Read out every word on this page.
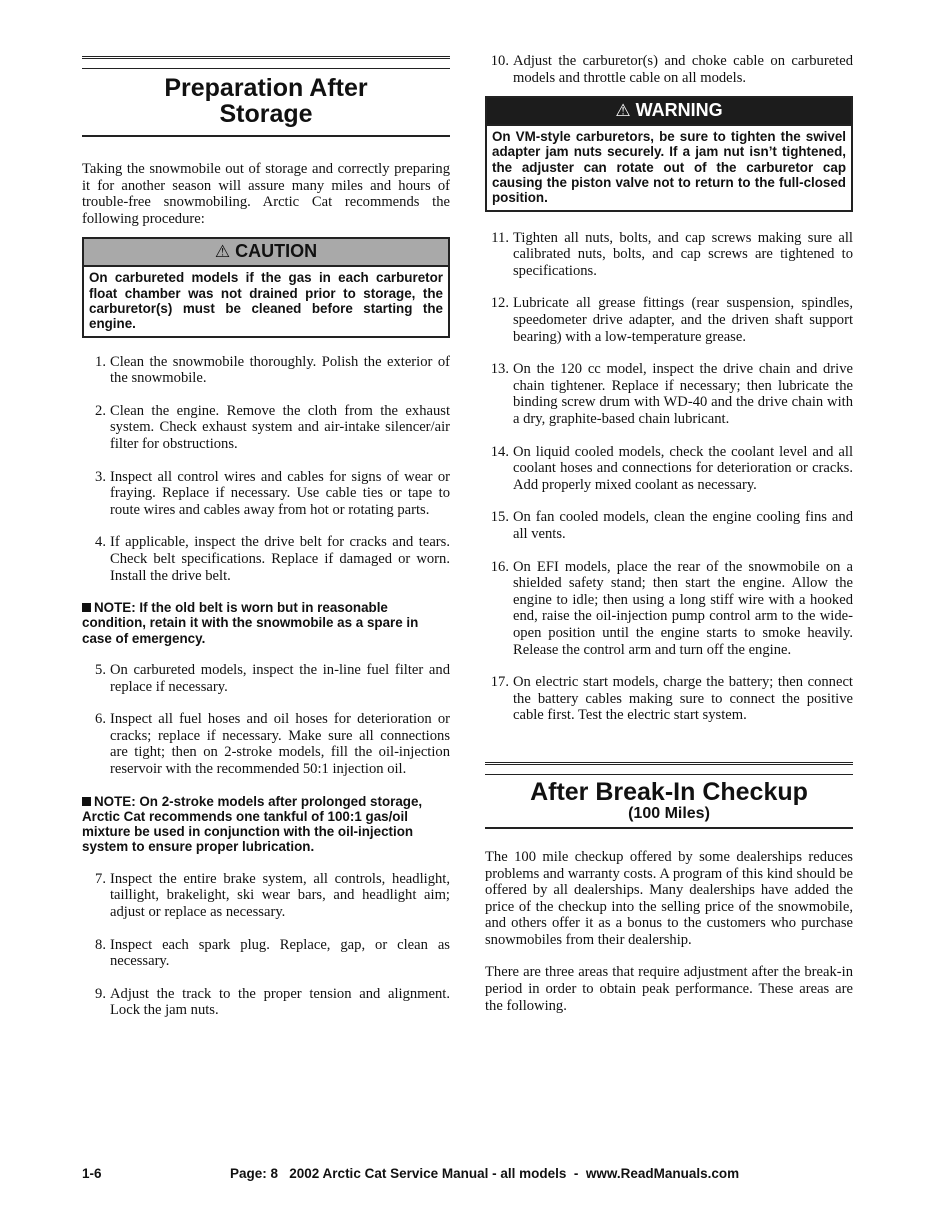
Preparation After
Storage

Taking the snowmobile out of storage and correctly preparing it for another season will assure many miles and hours of trouble-free snowmobiling. Arctic Cat recommends the following procedure:

⚠ CAUTION
On carbureted models if the gas in each carburetor float chamber was not drained prior to storage, the carburetor(s) must be cleaned before starting the engine.
1. Clean the snowmobile thoroughly. Polish the exterior of the snowmobile.
2. Clean the engine. Remove the cloth from the exhaust system. Check exhaust system and air-intake silencer/air filter for obstructions.
3. Inspect all control wires and cables for signs of wear or fraying. Replace if necessary. Use cable ties or tape to route wires and cables away from hot or rotating parts.
4. If applicable, inspect the drive belt for cracks and tears. Check belt specifications. Replace if damaged or worn. Install the drive belt.
NOTE: If the old belt is worn but in reasonable condition, retain it with the snowmobile as a spare in case of emergency.
5. On carbureted models, inspect the in-line fuel filter and replace if necessary.
6. Inspect all fuel hoses and oil hoses for deterioration or cracks; replace if necessary. Make sure all connections are tight; then on 2-stroke models, fill the oil-injection reservoir with the recommended 50:1 injection oil.
NOTE: On 2-stroke models after prolonged storage, Arctic Cat recommends one tankful of 100:1 gas/oil mixture be used in conjunction with the oil-injection system to ensure proper lubrication.
7. Inspect the entire brake system, all controls, headlight, taillight, brakelight, ski wear bars, and headlight aim; adjust or replace as necessary.
8. Inspect each spark plug. Replace, gap, or clean as necessary.
9. Adjust the track to the proper tension and alignment. Lock the jam nuts.
10. Adjust the carburetor(s) and choke cable on carbureted models and throttle cable on all models.
⚠ WARNING
On VM-style carburetors, be sure to tighten the swivel adapter jam nuts securely. If a jam nut isn’t tightened, the adjuster can rotate out of the carburetor cap causing the piston valve not to return to the full-closed position.
11. Tighten all nuts, bolts, and cap screws making sure all calibrated nuts, bolts, and cap screws are tightened to specifications.
12. Lubricate all grease fittings (rear suspension, spindles, speedometer drive adapter, and the driven shaft support bearing) with a low-temperature grease.
13. On the 120 cc model, inspect the drive chain and drive chain tightener. Replace if necessary; then lubricate the binding screw drum with WD-40 and the drive chain with a dry, graphite-based chain lubricant.
14. On liquid cooled models, check the coolant level and all coolant hoses and connections for deterioration or cracks. Add properly mixed coolant as necessary.
15. On fan cooled models, clean the engine cooling fins and all vents.
16. On EFI models, place the rear of the snowmobile on a shielded safety stand; then start the engine. Allow the engine to idle; then using a long stiff wire with a hooked end, raise the oil-injection pump control arm to the wide-open position until the engine starts to smoke heavily. Release the control arm and turn off the engine.
17. On electric start models, charge the battery; then connect the battery cables making sure to connect the positive cable first. Test the electric start system.
After Break-In Checkup
(100 Miles)

The 100 mile checkup offered by some dealerships reduces problems and warranty costs. A program of this kind should be offered by all dealerships. Many dealerships have added the price of the checkup into the selling price of the snowmobile, and others offer it as a bonus to the customers who purchase snowmobiles from their dealership.

There are three areas that require adjustment after the break-in period in order to obtain peak performance. These areas are the following.

1-6	Page: 8   2002 Arctic Cat Service Manual - all models  -  www.ReadManuals.com
